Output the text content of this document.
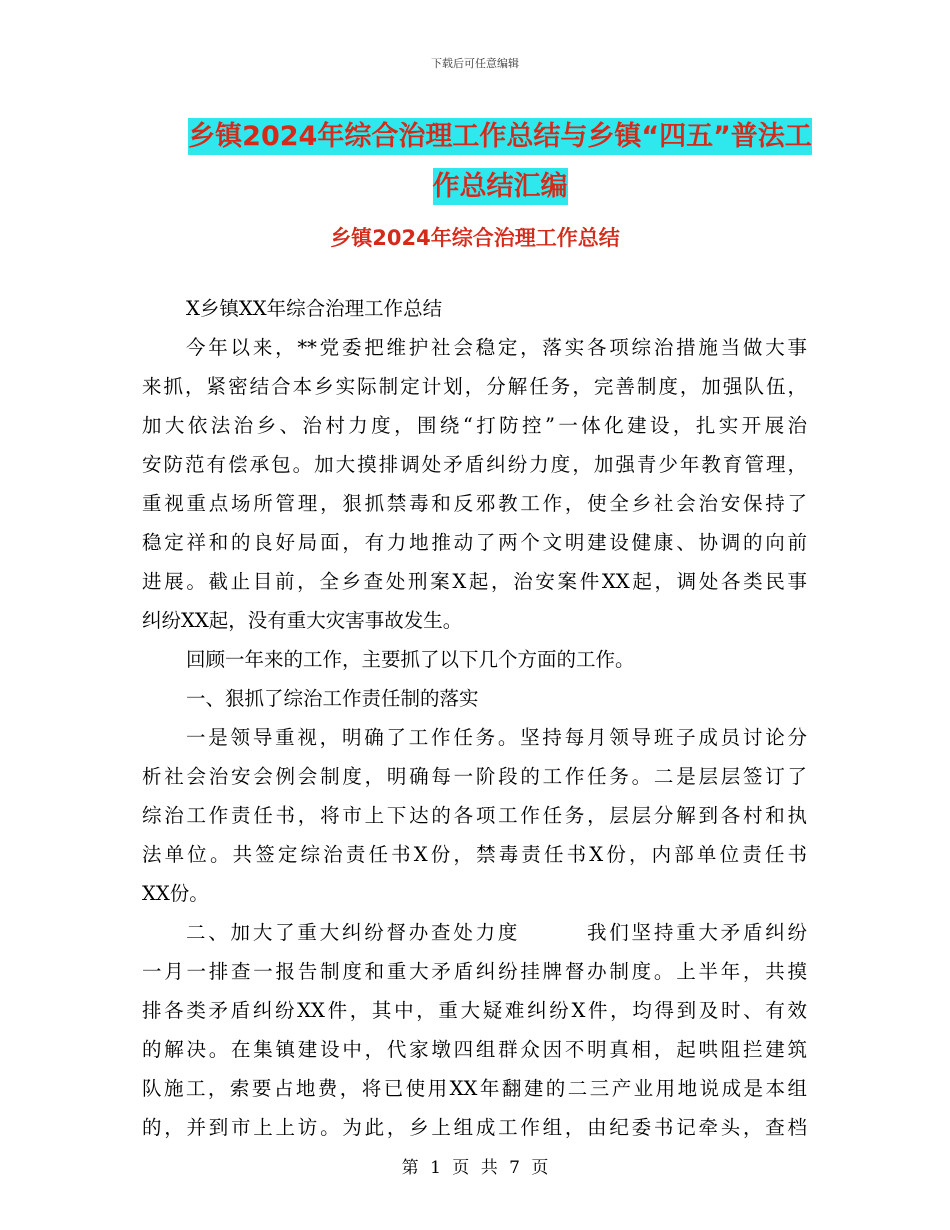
下载后可任意编辑
乡镇2024年综合治理工作总结与乡镇“四五”普法工
作总结汇编
乡镇2024年综合治理工作总结
X乡镇XX年综合治理工作总结
今年以来，**党委把维护社会稳定，落实各项综治措施当做大事
来抓，紧密结合本乡实际制定计划，分解任务，完善制度，加强队伍，
加大依法治乡、治村力度，围绕“打防控”一体化建设，扎实开展治
安防范有偿承包。加大摸排调处矛盾纠纷力度，加强青少年教育管理，
重视重点场所管理，狠抓禁毒和反邪教工作，使全乡社会治安保持了
稳定祥和的良好局面，有力地推动了两个文明建设健康、协调的向前
进展。截止目前，全乡查处刑案X起，治安案件XX起，调处各类民事
纠纷XX起，没有重大灾害事故发生。
回顾一年来的工作，主要抓了以下几个方面的工作。
一、狠抓了综治工作责任制的落实
一是领导重视，明确了工作任务。坚持每月领导班子成员讨论分
析社会治安会例会制度，明确每一阶段的工作任务。二是层层签订了
综治工作责任书，将市上下达的各项工作任务，层层分解到各村和执
法单位。共签定综治责任书X份，禁毒责任书X份，内部单位责任书
XX份。
二、加大了重大纠纷督办查处力度　　　我们坚持重大矛盾纠纷
一月一排查一报告制度和重大矛盾纠纷挂牌督办制度。上半年，共摸
排各类矛盾纠纷XX件，其中，重大疑难纠纷X件，均得到及时、有效
的解决。在集镇建设中，代家墩四组群众因不明真相，起哄阻拦建筑
队施工，索要占地费，将已使用XX年翻建的二三产业用地说成是本组
的，并到市上上访。为此，乡上组成工作组，由纪委书记牵头，查档
第 1 页 共 7 页
